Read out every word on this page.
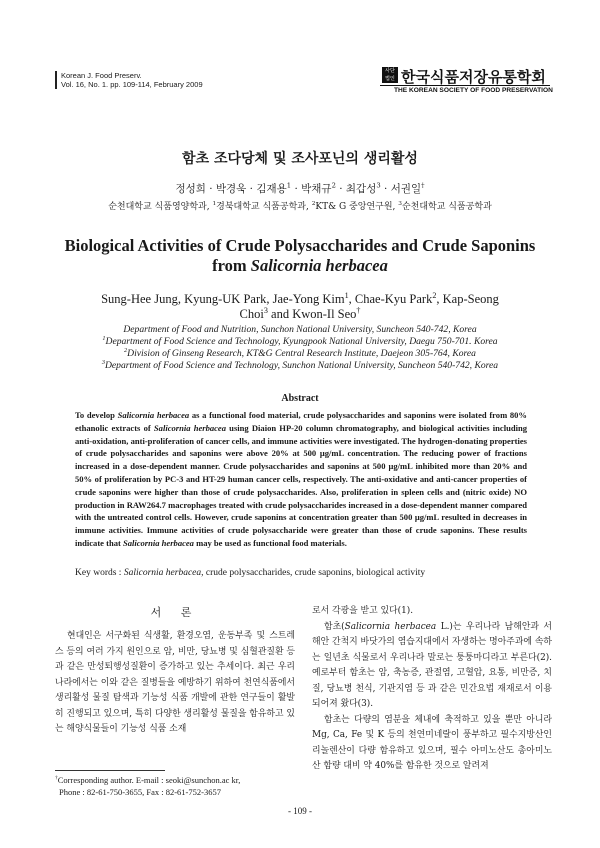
Korean J. Food Preserv.
Vol. 16, No. 1. pp. 109-114, February 2009
사단 법인 한국식품저장유통학회
THE KOREAN SOCIETY OF FOOD PRESERVATION
함초 조다당체 및 조사포닌의 생리활성
정성희 · 박경욱 · 김재용$^1$ · 박채규$^2$ · 최갑성$^3$ · 서권일†
순천대학교 식품영양학과, $^1$경북대학교 식품공학과, $^2$KT& G 중앙연구원, $^3$순천대학교 식품공학과
Biological Activities of Crude Polysaccharides and Crude Saponins
from Salicornia herbacea
Sung-Hee Jung, Kyung-UK Park, Jae-Yong Kim$^1$, Chae-Kyu Park$^2$, Kap-Seong
Choi$^3$ and Kwon-Il Seo†
Department of Food and Nutrition, Sunchon National University, Suncheon 540-742, Korea
$^1$Department of Food Science and Technology, Kyungpook National University, Daegu 750-701. Korea
$^2$Division of Ginseng Research, KT&G Central Research Institute, Daejeon 305-764, Korea
$^3$Department of Food Science and Technology, Sunchon National University, Suncheon 540-742, Korea
Abstract
To develop Salicornia herbacea as a functional food material, crude polysaccharides and saponins were isolated from 80% ethanolic extracts of Salicornia herbacea using Diaion HP-20 column chromatography, and biological activities including anti-oxidation, anti-proliferation of cancer cells, and immune activities were investigated. The hydrogen-donating properties of crude polysaccharides and saponins were above 20% at 500 μg/mL concentration. The reducing power of fractions increased in a dose-dependent manner. Crude polysaccharides and saponins at 500 μg/mL inhibited more than 20% and 50% of proliferation by PC-3 and HT-29 human cancer cells, respectively. The anti-oxidative and anti-cancer properties of crude saponins were higher than those of crude polysaccharides. Also, proliferation in spleen cells and (nitric oxide) NO production in RAW264.7 macrophages treated with crude polysaccharides increased in a dose-dependent manner compared with the untreated control cells. However, crude saponins at concentration greater than 500 μg/mL resulted in decreases in immune activities. Immune activities of crude polysaccharide were greater than those of crude saponins. These results indicate that Salicornia herbacea may be used as functional food materials.
Key words : Salicornia herbacea, crude polysaccharides, crude saponins, biological activity
서 론

현대인은 서구화된 식생활, 환경오염, 운동부족 및 스트레스 등의 여러 가지 원인으로 암, 비만, 당뇨병 및 심혈관질환 등과 같은 만성퇴행성질환이 증가하고 있는 추세이다. 최근 우리나라에서는 이와 같은 질병들을 예방하기 위하여 천연식품에서 생리활성 물질 탐색과 기능성 식품 개발에 관한 연구들이 활발히 진행되고 있으며, 특히 다양한 생리활성 물질을 함유하고 있는 해양식물들이 기능성 식품 소재

로서 각광을 받고 있다(1).

함초(Salicornia herbacea L.)는 우리나라 남해안과 서해안 간척지 바닷가의 염습지대에서 자생하는 명아주과에 속하는 일년초 식물로서 우리나라 말로는 퉁퉁마디라고 부른다(2). 예로부터 함초는 암, 축농증, 관절염, 고혈압, 요통, 비만증, 치질, 당뇨병 천식, 기관지염 등 과 같은 민간요법 재재로서 이용되어져 왔다(3).

함초는 다량의 염분을 체내에 축적하고 있을 뿐만 아니라 Mg, Ca, Fe 및 K 등의 천연미네랄이 풍부하고 필수지방산인 리놀렌산이 다량 함유하고 있으며, 필수 아미노산도 총아미노산 함량 대비 약 40%를 함유한 것으로 알려져

†Corresponding author. E-mail : seoki@sunchon.ac kr,
Phone : 82-61-750-3655, Fax : 82-61-752-3657
- 109 -
